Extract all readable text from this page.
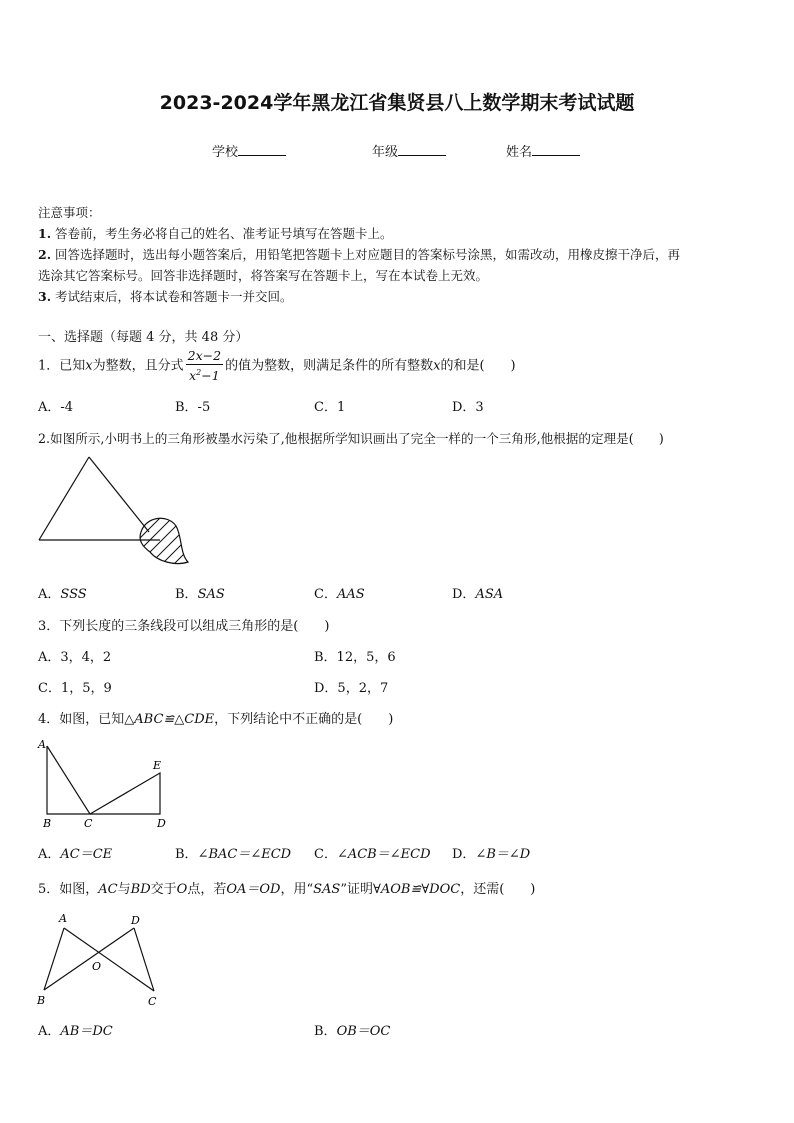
2023-2024学年黑龙江省集贤县八上数学期末考试试题
学校	年级	姓名
注意事项：
1. 答卷前，考生务必将自己的姓名、准考证号填写在答题卡上。
2. 回答选择题时，选出每小题答案后，用铅笔把答题卡上对应题目的答案标号涂黑，如需改动，用橡皮擦干净后，再
选涂其它答案标号。回答非选择题时，将答案写在答题卡上，写在本试卷上无效。
3. 考试结束后，将本试卷和答题卡一并交回。
一、选择题（每题 4 分，共 48 分）
1．已知x为整数，且分式 $\frac{2x-2}{x^2-1}$ 的值为整数，则满足条件的所有整数x的和是(　　)
A．-4	B．-5	C．1	D．3
2.如图所示,小明书上的三角形被墨水污染了,他根据所学知识画出了完全一样的一个三角形,他根据的定理是(　　)
A．SSS	B．SAS	C．AAS	D．ASA
3．下列长度的三条线段可以组成三角形的是(　　)
A．3，4，2	B．12，5，6
C．1，5，9	D．5，2，7
4．如图，已知△ABC≌△CDE，下列结论中不正确的是(　　)
A
B	C	D
E
A．AC＝CE	B．∠BAC＝∠ECD C．∠ACB＝∠ECD D．∠B＝∠D
5．如图，AC与BD交于O点，若OA＝OD，用“SAS”证明∀AOB≌∀DOC，还需(　　)
A	D
O
B	C
A．AB＝DC	B．OB＝OC
